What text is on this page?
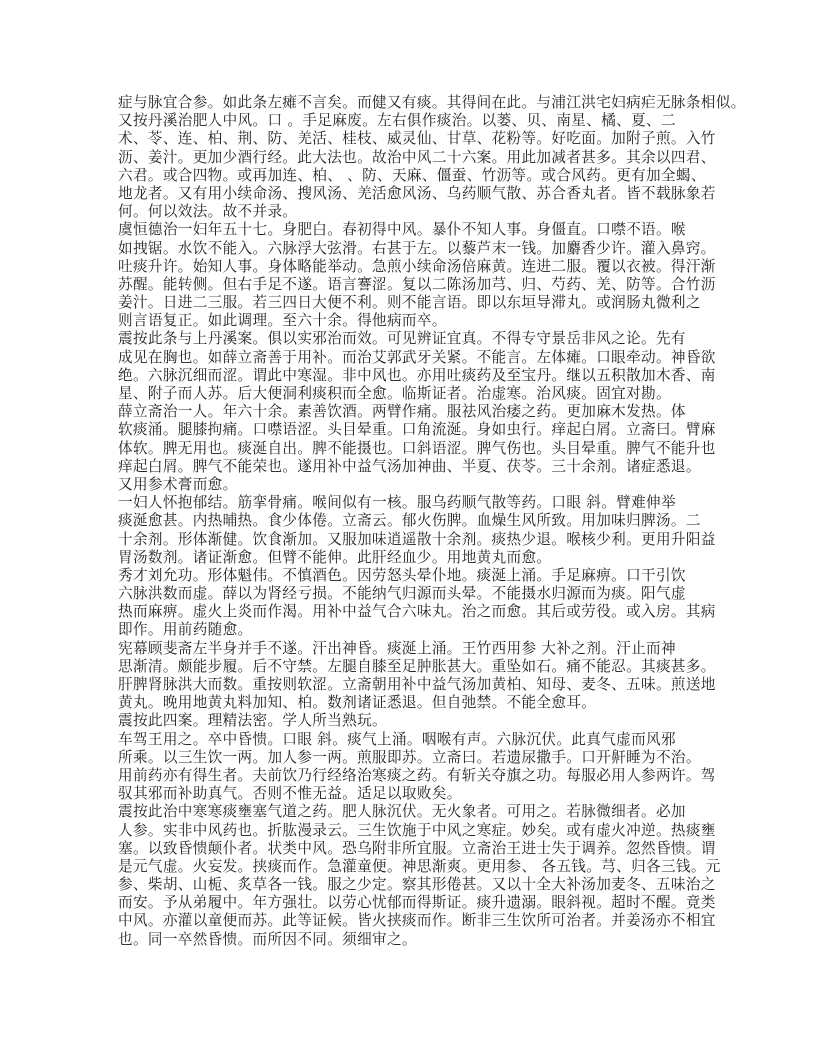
症与脉宜合参。如此条左瘫不言矣。而健又有痰。其得间在此。与浦江洪宅妇病疟无脉条相似。
又按丹溪治肥人中风。口 。手足麻废。左右俱作痰治。以蒌、贝、南星、橘、夏、二
术、苓、连、柏、荆、防、羌活、桂枝、威灵仙、甘草、花粉等。好吃面。加附子煎。入竹
沥、姜汁。更加少酒行经。此大法也。故治中风二十六案。用此加减者甚多。其余以四君、
六君。或合四物。或再加连、柏、 、防、天麻、僵蚕、竹沥等。或合风药。更有加全蝎、
地龙者。又有用小续命汤、搜风汤、羌活愈风汤、乌药顺气散、苏合香丸者。皆不载脉象若
何。何以效法。故不并录。
虞恒德治一妇年五十七。身肥白。春初得中风。暴仆不知人事。身僵直。口噤不语。喉
如拽锯。水饮不能入。六脉浮大弦滑。右甚于左。以藜芦末一钱。加麝香少许。灌入鼻窍。
吐痰升许。始知人事。身体略能举动。急煎小续命汤倍麻黄。连进二服。覆以衣被。得汗渐
苏醒。能转侧。但右手足不遂。语言謇涩。复以二陈汤加芎、归、芍药、羌、防等。合竹沥
姜汁。日进二三服。若三四日大便不利。则不能言语。即以东垣导滞丸。或润肠丸微利之
则言语复正。如此调理。至六十余。得他病而卒。
震按此条与上丹溪案。俱以实邪治而效。可见辨证宜真。不得专守景岳非风之论。先有
成见在胸也。如薛立斋善于用补。而治艾郭武牙关紧。不能言。左体瘫。口眼牵动。神昏欲
绝。六脉沉细而涩。谓此中寒湿。非中风也。亦用吐痰药及至宝丹。继以五积散加木香、南
星、附子而人苏。后大便洞利痰积而全愈。临斯证者。治虚寒。治风痰。固宜对勘。
薛立斋治一人。年六十余。素善饮酒。两臂作痛。服祛风治痿之药。更加麻木发热。体
软痰涌。腿膝拘痛。口噤语涩。头目晕重。口角流涎。身如虫行。痒起白屑。立斋曰。臂麻
体软。脾无用也。痰涎自出。脾不能摄也。口斜语涩。脾气伤也。头目晕重。脾气不能升也
痒起白屑。脾气不能荣也。遂用补中益气汤加神曲、半夏、茯苓。三十余剂。诸症悉退。
又用参术膏而愈。
一妇人怀抱郁结。筋挛骨痛。喉间似有一核。服乌药顺气散等药。口眼 斜。臂难伸举
痰涎愈甚。内热晡热。食少体倦。立斋云。郁火伤脾。血燥生风所致。用加味归脾汤。二
十余剂。形体渐健。饮食渐加。又服加味逍遥散十余剂。痰热少退。喉核少利。更用升阳益
胃汤数剂。诸证渐愈。但臂不能伸。此肝经血少。用地黄丸而愈。
秀才刘允功。形体魁伟。不慎酒色。因劳怒头晕仆地。痰涎上涌。手足麻痹。口干引饮
六脉洪数而虚。薛以为肾经亏损。不能纳气归源而头晕。不能摄水归源而为痰。阳气虚
热而麻痹。虚火上炎而作渴。用补中益气合六味丸。治之而愈。其后或劳役。或入房。其病
即作。用前药随愈。
宪幕顾斐斋左半身并手不遂。汗出神昏。痰涎上涌。王竹西用参 大补之剂。汗止而神
思渐清。颇能步履。后不守禁。左腿自膝至足肿胀甚大。重坠如石。痛不能忍。其痰甚多。
肝脾肾脉洪大而数。重按则软涩。立斋朝用补中益气汤加黄柏、知母、麦冬、五味。煎送地
黄丸。晚用地黄丸料加知、柏。数剂诸证悉退。但自弛禁。不能全愈耳。
震按此四案。理精法密。学人所当熟玩。
车驾王用之。卒中昏愦。口眼 斜。痰气上涌。咽喉有声。六脉沉伏。此真气虚而风邪
所乘。以三生饮一两。加人参一两。煎服即苏。立斋曰。若遗尿撒手。口开鼾睡为不治。
用前药亦有得生者。夫前饮乃行经络治寒痰之药。有斩关夺旗之功。每服必用人参两许。驾
驭其邪而补助真气。否则不惟无益。适足以取败矣。
震按此治中寒寒痰壅塞气道之药。肥人脉沉伏。无火象者。可用之。若脉微细者。必加
人参。实非中风药也。折肱漫录云。三生饮施于中风之寒症。妙矣。或有虚火冲逆。热痰壅
塞。以致昏愦颠仆者。状类中风。恐乌附非所宜服。立斋治王进士失于调养。忽然昏愦。谓
是元气虚。火妄发。挟痰而作。急灌童便。神思渐爽。更用参、 各五钱。芎、归各三钱。元
参、柴胡、山栀、炙草各一钱。服之少定。察其形倦甚。又以十全大补汤加麦冬、五味治之
而安。予从弟履中。年方强壮。以劳心忧郁而得斯证。痰升遗溺。眼斜视。超时不醒。竟类
中风。亦灌以童便而苏。此等证候。皆火挟痰而作。断非三生饮所可治者。并姜汤亦不相宜
也。同一卒然昏愦。而所因不同。须细审之。
